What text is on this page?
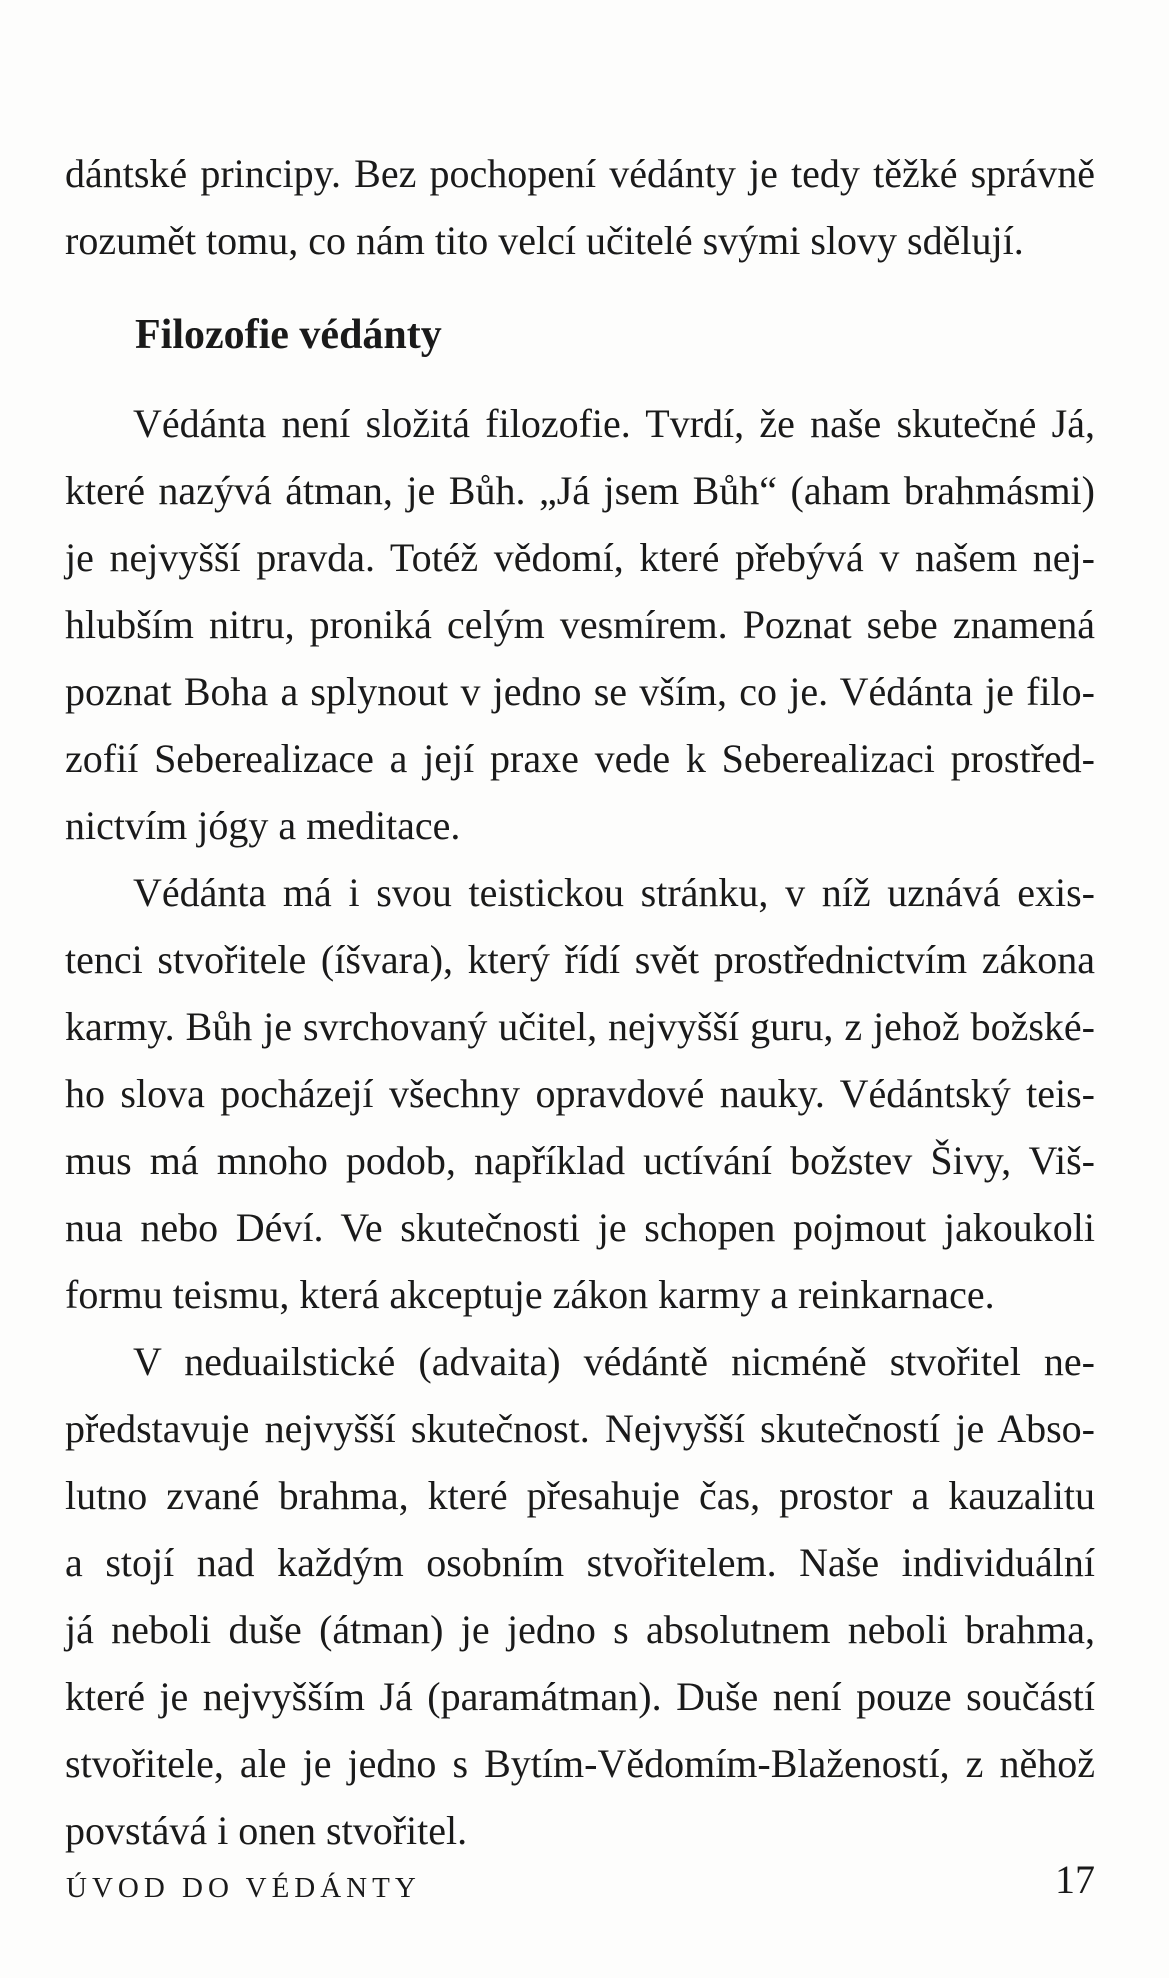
dántské principy. Bez pochopení védánty je tedy těžké správně
rozumět tomu, co nám tito velcí učitelé svými slovy sdělují.
Filozofie védánty
Védánta není složitá filozofie. Tvrdí, že naše skutečné Já,
které nazývá átman, je Bůh. „Já jsem Bůh“ (aham brahmásmi)
je nejvyšší pravda. Totéž vědomí, které přebývá v našem nej-
hlubším nitru, proniká celým vesmírem. Poznat sebe znamená
poznat Boha a splynout v jedno se vším, co je. Védánta je filo-
zofií Seberealizace a její praxe vede k Seberealizaci prostřed-
nictvím jógy a meditace.
Védánta má i svou teistickou stránku, v níž uznává exis-
tenci stvořitele (íšvara), který řídí svět prostřednictvím zákona
karmy. Bůh je svrchovaný učitel, nejvyšší guru, z jehož božské-
ho slova pocházejí všechny opravdové nauky. Védántský teis-
mus má mnoho podob, například uctívání božstev Šivy, Viš-
nua nebo Déví. Ve skutečnosti je schopen pojmout jakoukoli
formu teismu, která akceptuje zákon karmy a reinkarnace.
V neduailstické (advaita) védántě nicméně stvořitel ne-
představuje nejvyšší skutečnost. Nejvyšší skutečností je Abso-
lutno zvané brahma, které přesahuje čas, prostor a kauzalitu
a stojí nad každým osobním stvořitelem. Naše individuální
já neboli duše (átman) je jedno s absolutnem neboli brahma,
které je nejvyšším Já (paramátman). Duše není pouze součástí
stvořitele, ale je jedno s Bytím-Vědomím-Blažeností, z něhož
povstává i onen stvořitel.
ÚVOD DO VÉDÁNTY	17
